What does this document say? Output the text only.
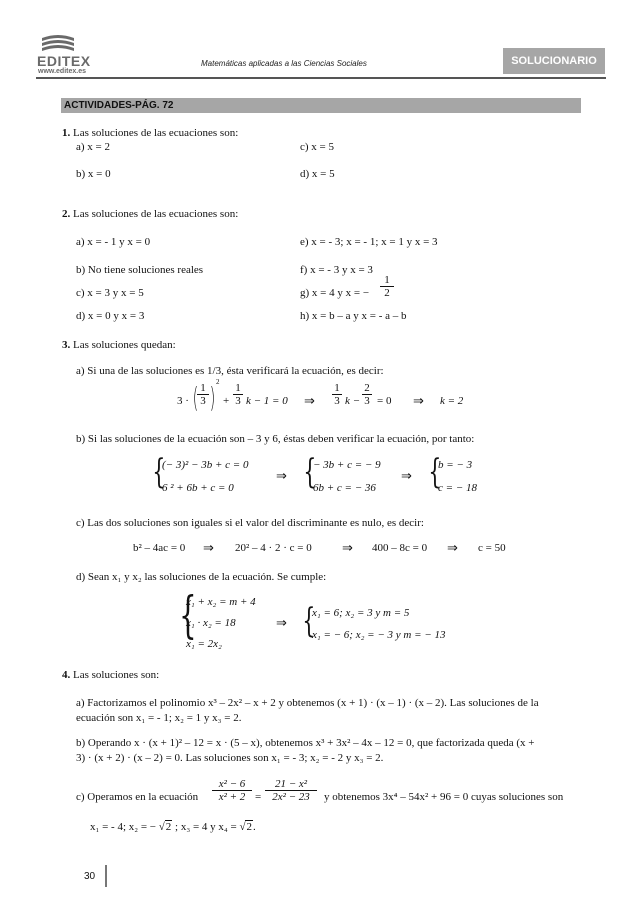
EDITEX
www.editex.es
Matemáticas aplicadas a las Ciencias Sociales	SOLUCIONARIO
ACTIVIDADES-PÁG. 72
1. Las soluciones de las ecuaciones son:
a) x = 2	c) x = 5
b) x = 0	d) x = 5
2. Las soluciones de las ecuaciones son:
a) x = - 1 y x = 0	e) x = - 3; x = - 1; x = 1 y x = 3
b) No tiene soluciones reales	f) x = - 3 y x = 3
c) x = 3 y x = 5	g) x = 4 y x = − $\frac{1}{2}$
d) x = 0 y x = 3	h) x = b – a y x = - a – b
3. Las soluciones quedan:
a) Si una de las soluciones es 1/3, ésta verificará la ecuación, es decir:
3 · (
$\frac{1}{3}$ ) 2
+ $\frac{1}{3}$ k − 1 = 0 ⇒ $\frac{1}{3}$ $k - \frac{2}{3} = 0$ ⇒ k = 2
b) Si las soluciones de la ecuación son – 3 y 6, éstas deben verificar la ecuación, por tanto:
{
(− 3)² − 3b + c = 0
6 ² + 6b + c = 0
⇒ {
− 3b + c = − 9
6b + c = − 36
⇒ {
b = − 3
c = − 18
c) Las dos soluciones son iguales si el valor del discriminante es nulo, es decir:
b² – 4ac = 0 ⇒ 20² – 4 · 2 · c = 0 ⇒ 400 – 8c = 0 ⇒ c = 50
d) Sean x₁ y x₂ las soluciones de la ecuación. Se cumple:
{
x₁ + x₂ = m + 4
x₁ · x₂ = 18
x₁ = 2x₂
⇒ {
x₁ = 6; x₂ = 3 y m = 5
x₁ = − 6; x₂ = − 3 y m = − 13
4. Las soluciones son:
a) Factorizamos el polinomio x³ – 2x² – x + 2 y obtenemos (x + 1) · (x – 1) · (x – 2). Las soluciones de la
ecuación son x₁ = - 1; x₂ = 1 y x₃ = 2.
b) Operando x · (x + 1)² – 12 = x · (5 – x), obtenemos x³ + 3x² – 4x – 12 = 0, que factorizada queda (x +
3) · (x + 2) · (x – 2) = 0. Las soluciones son x₁ = - 3; x₂ = - 2 y x₃ = 2.
c) Operamos en la ecuación $\frac{\text{x² − 6}}{\text{x² + 2}} = \frac{\text{21 − x²}}{\text{2x² − 23}}$ y obtenemos 3x⁴ – 54x² + 96 = 0 cuyas soluciones son
x₁ = - 4; x₂ = − √2 ; x₃ = 4 y x₄ = √2.
30
